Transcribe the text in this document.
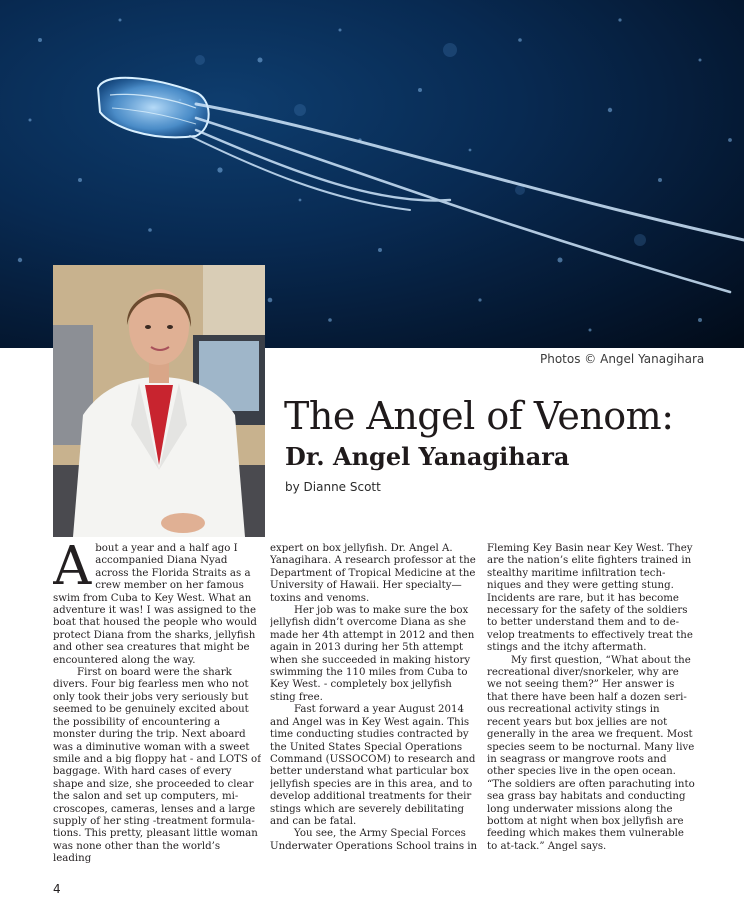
Photos © Angel Yanagihara
The Angel of Venom:
Dr. Angel Yanagihara
by Dianne Scott

About a year and a half ago I accompanied Diana Nyad across the Florida Straits as a crew member on her famous swim from Cuba to Key West. What an adventure it was! I was assigned to the boat that housed the people who would protect Diana from the sharks, jellyfish and other sea creatures that might be encountered along the way.

First on board were the shark divers. Four big fearless men who not only took their jobs very seriously but seemed to be genuinely excited about the possibility of encountering a monster during the trip. Next aboard was a diminutive woman with a sweet smile and a big floppy hat - and LOTS of baggage. With hard cases of every shape and size, she proceeded to clear the salon and set up computers, mi-croscopes, cameras, lenses and a large supply of her sting -treatment formula-tions. This pretty, pleasant little woman was none other than the world’s leading

expert on box jellyfish. Dr. Angel A. Yanagihara. A research professor at the Department of Tropical Medicine at the University of Hawaii. Her specialty—toxins and venoms.

Her job was to make sure the box jellyfish didn’t overcome Diana as she made her 4th attempt in 2012 and then again in 2013 during her 5th attempt when she succeeded in making history swimming the 110 miles from Cuba to Key West. - completely box jellyfish sting free.

Fast forward a year August 2014 and Angel was in Key West again. This time conducting studies contracted by the United States Special Operations Command (USSOCOM) to research and better understand what particular box jellyfish species are in this area, and to develop additional treatments for their stings which are severely debilitating and can be fatal.

You see, the Army Special Forces Underwater Operations School trains in

Fleming Key Basin near Key West. They are the nation’s elite fighters trained in stealthy maritime infiltration tech-niques and they were getting stung. Incidents are rare, but it has become necessary for the safety of the soldiers to better understand them and to de-velop treatments to effectively treat the stings and the itchy aftermath.

My first question, “What about the recreational diver/snorkeler, why are we not seeing them?” Her answer is that there have been half a dozen seri-ous recreational activity stings in recent years but box jellies are not generally in the area we frequent. Most species seem to be nocturnal. Many live in seagrass or mangrove roots and other species live in the open ocean. “The soldiers are often parachuting into sea grass bay habitats and conducting long underwater missions along the bottom at night when box jellyfish are feeding which makes them vulnerable to at-tack.” Angel says.

4
